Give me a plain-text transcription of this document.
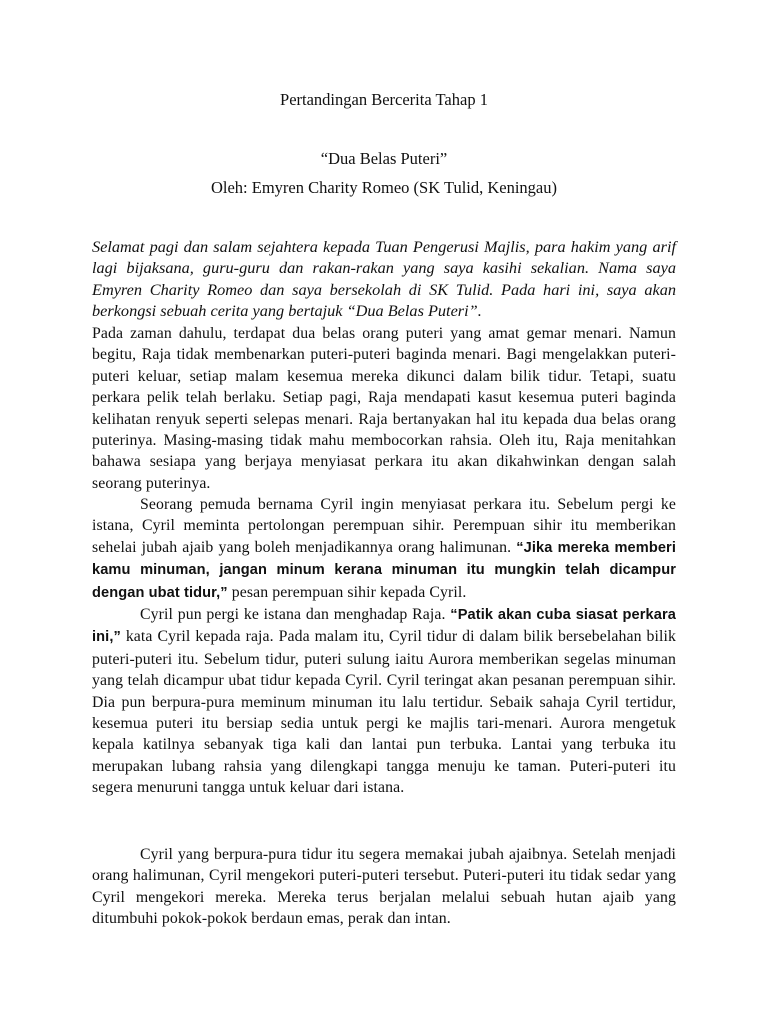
Pertandingan Bercerita Tahap 1

“Dua Belas Puteri”

Oleh: Emyren Charity Romeo (SK Tulid, Keningau)

Selamat pagi dan salam sejahtera kepada Tuan Pengerusi Majlis, para hakim yang arif lagi bijaksana, guru-guru dan rakan-rakan yang saya kasihi sekalian. Nama saya Emyren Charity Romeo dan saya bersekolah di SK Tulid. Pada hari ini, saya akan berkongsi sebuah cerita yang bertajuk “Dua Belas Puteri”.

Pada zaman dahulu, terdapat dua belas orang puteri yang amat gemar menari. Namun begitu, Raja tidak membenarkan puteri-puteri baginda menari. Bagi mengelakkan puteri-puteri keluar, setiap malam kesemua mereka dikunci dalam bilik tidur. Tetapi, suatu perkara pelik telah berlaku. Setiap pagi, Raja mendapati kasut kesemua puteri baginda kelihatan renyuk seperti selepas menari. Raja bertanyakan hal itu kepada dua belas orang puterinya. Masing-masing tidak mahu membocorkan rahsia. Oleh itu, Raja menitahkan bahawa sesiapa yang berjaya menyiasat perkara itu akan dikahwinkan dengan salah seorang puterinya.

Seorang pemuda bernama Cyril ingin menyiasat perkara itu. Sebelum pergi ke istana, Cyril meminta pertolongan perempuan sihir. Perempuan sihir itu memberikan sehelai jubah ajaib yang boleh menjadikannya orang halimunan. “Jika mereka memberi kamu minuman, jangan minum kerana minuman itu mungkin telah dicampur dengan ubat tidur,” pesan perempuan sihir kepada Cyril.

Cyril pun pergi ke istana dan menghadap Raja. “Patik akan cuba siasat perkara ini,” kata Cyril kepada raja. Pada malam itu, Cyril tidur di dalam bilik bersebelahan bilik puteri-puteri itu. Sebelum tidur, puteri sulung iaitu Aurora memberikan segelas minuman yang telah dicampur ubat tidur kepada Cyril. Cyril teringat akan pesanan perempuan sihir. Dia pun berpura-pura meminum minuman itu lalu tertidur. Sebaik sahaja Cyril tertidur, kesemua puteri itu bersiap sedia untuk pergi ke majlis tari-menari. Aurora mengetuk kepala katilnya sebanyak tiga kali dan lantai pun terbuka. Lantai yang terbuka itu merupakan lubang rahsia yang dilengkapi tangga menuju ke taman. Puteri-puteri itu segera menuruni tangga untuk keluar dari istana.

Cyril yang berpura-pura tidur itu segera memakai jubah ajaibnya. Setelah menjadi orang halimunan, Cyril mengekori puteri-puteri tersebut. Puteri-puteri itu tidak sedar yang Cyril mengekori mereka. Mereka terus berjalan melalui sebuah hutan ajaib yang ditumbuhi pokok-pokok berdaun emas, perak dan intan.
